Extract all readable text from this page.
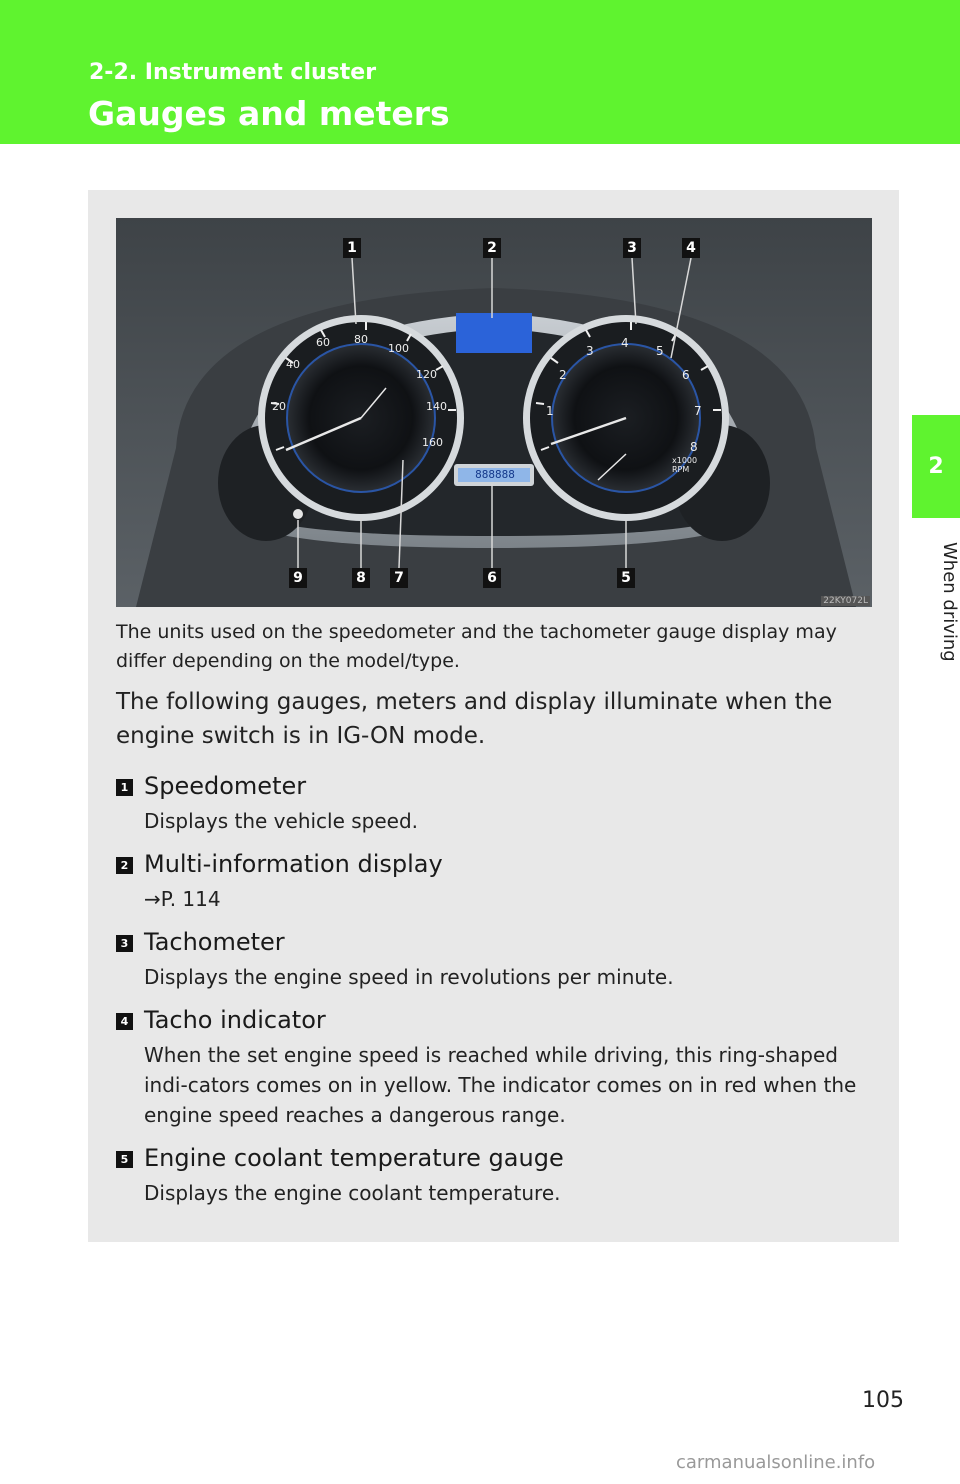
2-2. Instrument cluster
Gauges and meters
2
When driving
1	2	3	4
5
6
7
8
9
20
40
60 80
100
120
140
160
1
2
3
4
5
6
7
8
x1000 RPM
888888
22KY072L
The units used on the speedometer and the tachometer gauge display may differ depending on the model/type.
The following gauges, meters and display illuminate when the engine switch is in IG-ON mode.
1 Speedometer
Displays the vehicle speed.
2 Multi-information display
→P. 114
3 Tachometer
Displays the engine speed in revolutions per minute.
4 Tacho indicator
When the set engine speed is reached while driving, this ring-shaped indi-cators comes on in yellow. The indicator comes on in red when the engine speed reaches a dangerous range.
5 Engine coolant temperature gauge
Displays the engine coolant temperature.
105
carmanualsonline.info
